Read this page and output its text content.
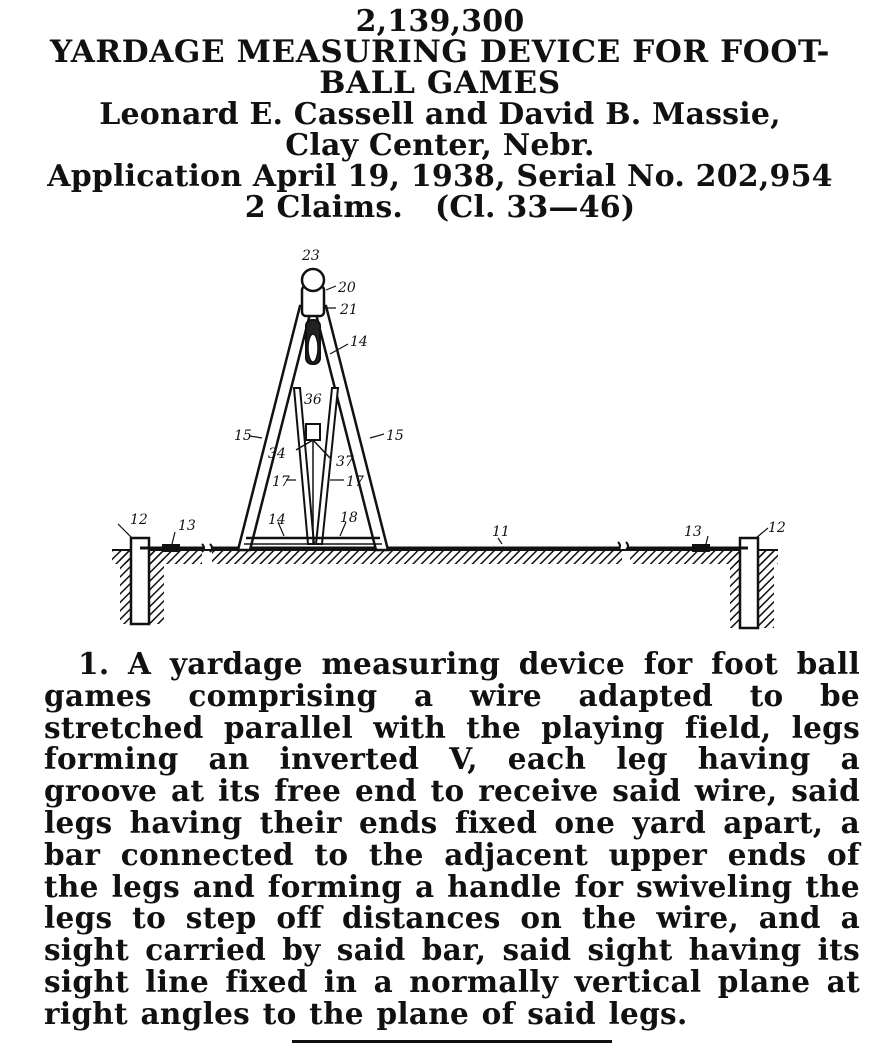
2,139,300
YARDAGE MEASURING DEVICE FOR FOOT-
BALL GAMES
Leonard E. Cassell and David B. Massie,
Clay Center, Nebr.
Application April 19, 1938, Serial No. 202,954
2 Claims.   (Cl. 33—46)
23
20
21
14
36
15	15
34	37
17	17
14	18
11
12 13	13	12

1. A yardage measuring device for foot ball games comprising a wire adapted to be stretched parallel with the playing field, legs forming an inverted V, each leg having a groove at its free end to receive said wire, said legs having their ends fixed one yard apart, a bar connected to the adjacent upper ends of the legs and forming a handle for swiveling the legs to step off distances on the wire, and a sight carried by said bar, said sight having its sight line fixed in a normally vertical plane at right angles to the plane of said legs.
